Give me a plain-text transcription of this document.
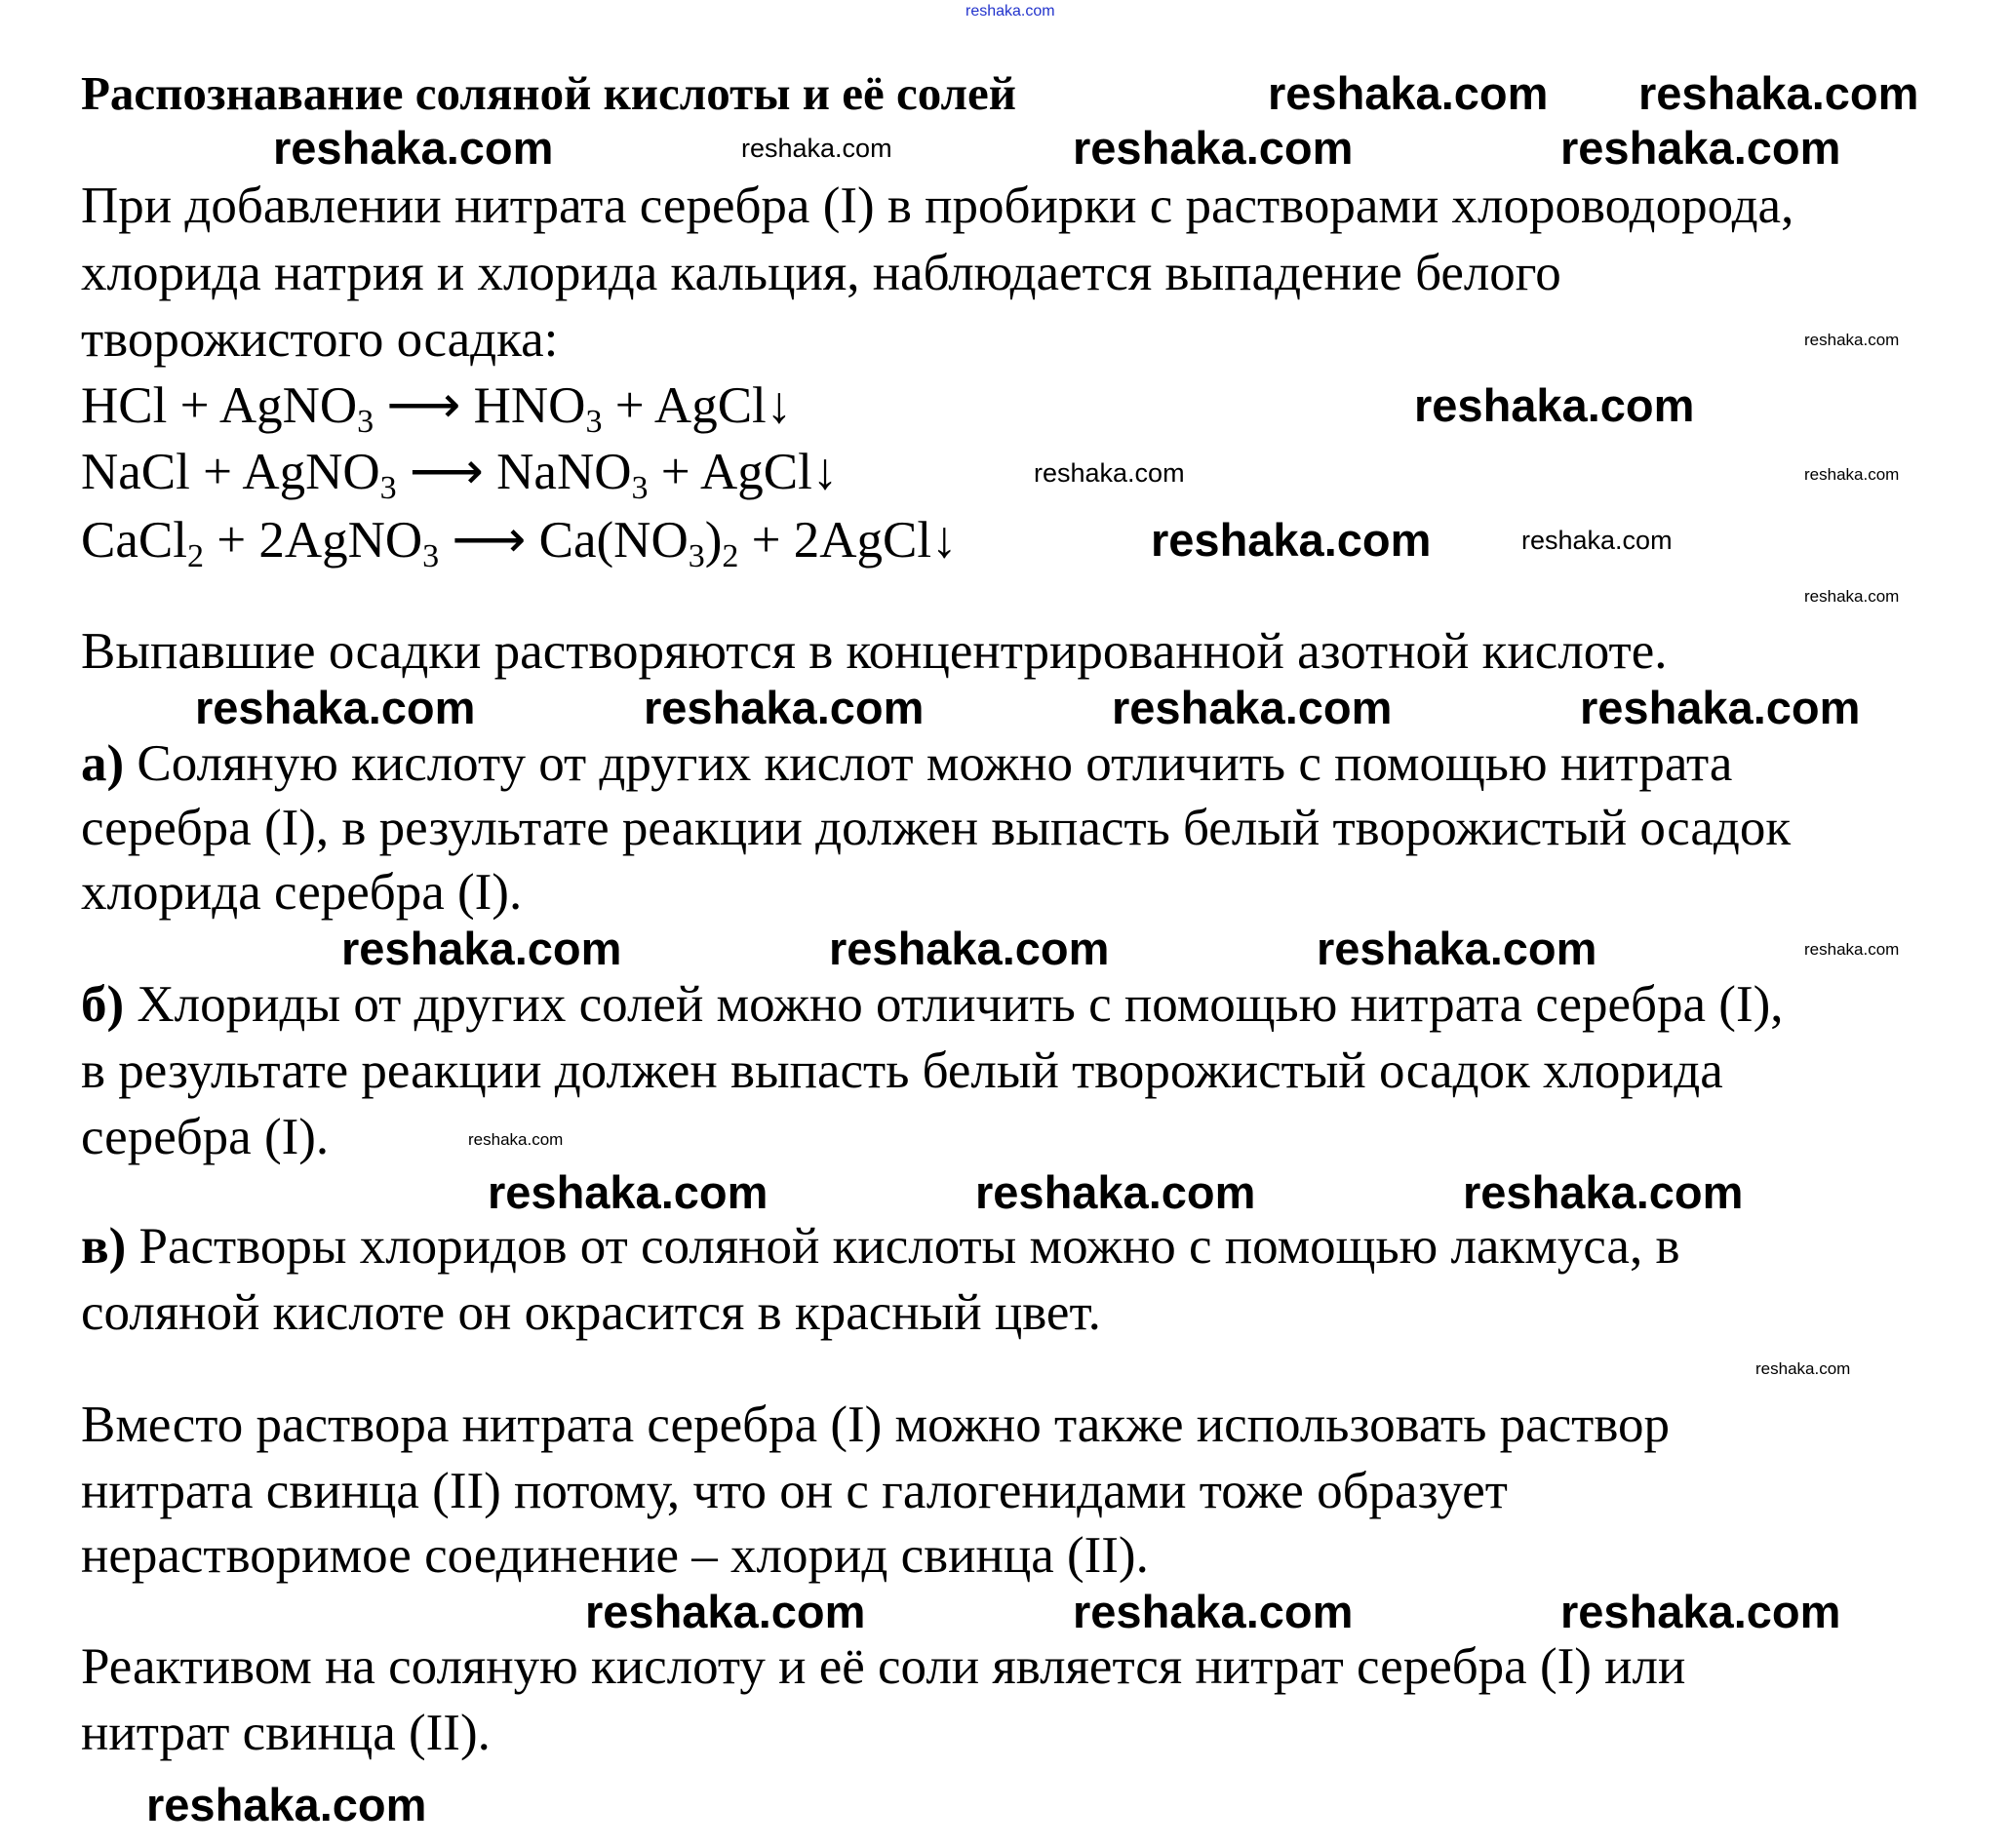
reshaka.com
Распознавание соляной кислоты и её солей
При добавлении нитрата серебра (I) в пробирки с растворами хлороводорода,
хлорида натрия и хлорида кальция, наблюдается выпадение белого
творожистого осадка:
HCl + AgNO$_3$ ⟶ $HNO_3$ + AgCl↓
NaCl + AgNO$_3$ ⟶ NaNO$_3$ + AgCl↓
CaCl$_2$ + 2AgNO$_3$ ⟶ $Ca(NO_3)_2$ + 2AgCl↓
Выпавшие осадки растворяются в концентрированной азотной кислоте.
а) Соляную кислоту от других кислот можно отличить с помощью нитрата
серебра (I), в результате реакции должен выпасть белый творожистый осадок
хлорида серебра (I).
б) Хлориды от других солей можно отличить с помощью нитрата серебра (I),
в результате реакции должен выпасть белый творожистый осадок хлорида
серебра (I).
в) Растворы хлоридов от соляной кислоты можно с помощью лакмуса, в
соляной кислоте он окрасится в красный цвет.
Вместо раствора нитрата серебра (I) можно также использовать раствор
нитрата свинца (II) потому, что он с галогенидами тоже образует
нерастворимое соединение – хлорид свинца (II).
Реактивом на соляную кислоту и её соли является нитрат серебра (I) или
нитрат свинца (II).
reshaka.com reshaka.com
reshaka.com	reshaka.com	reshaka.com	reshaka.com
reshaka.com
reshaka.com
reshaka.com	reshaka.com
reshaka.com	reshaka.com
reshaka.com
reshaka.com	reshaka.com	reshaka.com	reshaka.com
reshaka.com	reshaka.com	reshaka.com	reshaka.com
reshaka.com
reshaka.com	reshaka.com	reshaka.com
reshaka.com
reshaka.com	reshaka.com	reshaka.com
reshaka.com
